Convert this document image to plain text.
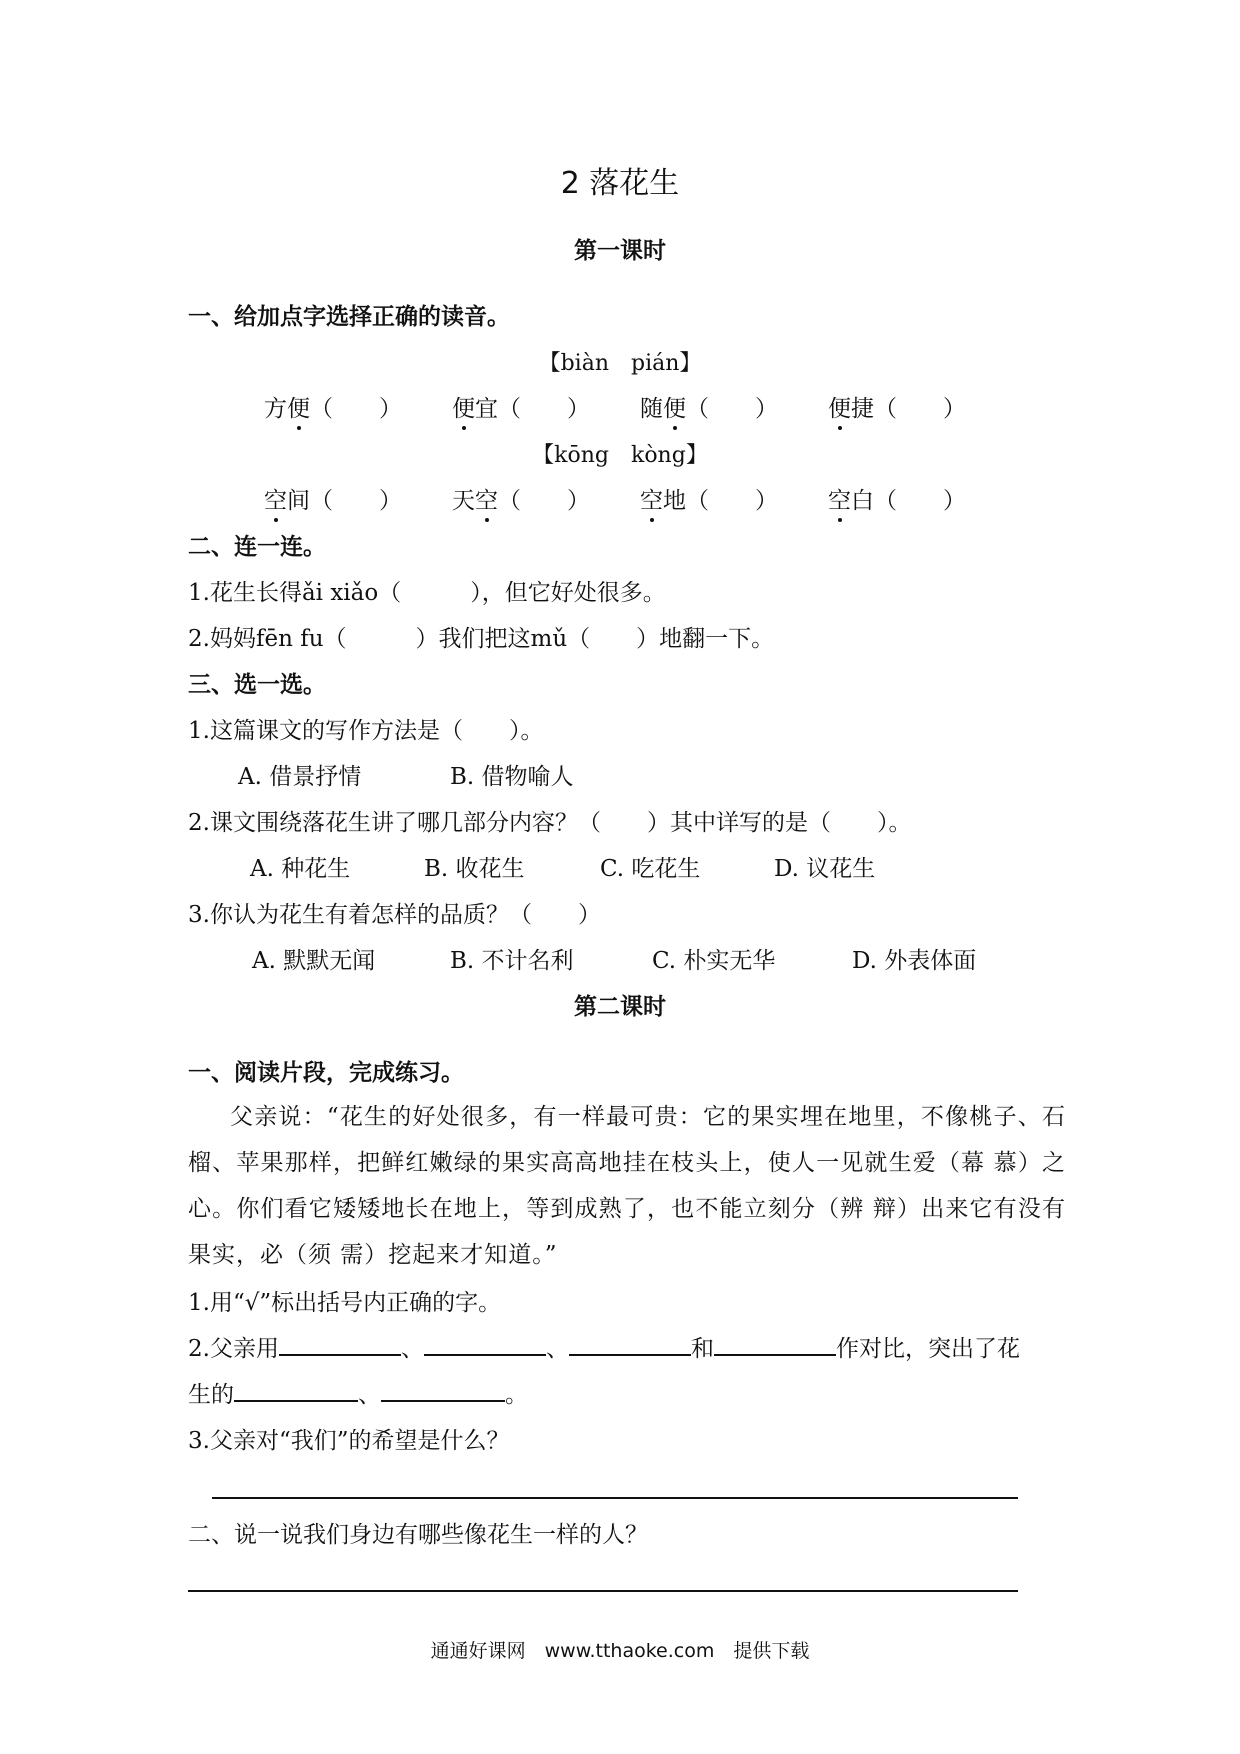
2 落花生
第一课时
一、给加点字选择正确的读音。
【biàn　pián】
方便（　　） 便宜（　　） 随便（　　） 便捷（　　）
【kōng　kòng】
空间（　　） 天空（　　） 空地（　　） 空白（　　）
二、连一连。
1.花生长得ǎi xiǎo（　　　），但它好处很多。
2.妈妈fēn fu（　　　）我们把这mǔ（　　）地翻一下。
三、选一选。
1.这篇课文的写作方法是（　　）。
A. 借景抒情	B. 借物喻人
2.课文围绕落花生讲了哪几部分内容？（　　）其中详写的是（　　）。
A. 种花生	B. 收花生	C. 吃花生	D. 议花生
3.你认为花生有着怎样的品质？（　　）
A. 默默无闻	B. 不计名利	C. 朴实无华	D. 外表体面
第二课时
一、阅读片段，完成练习。
父亲说：“花生的好处很多，有一样最可贵：它的果实埋在地里，不像桃子、石榴、苹果那样，把鲜红嫩绿的果实高高地挂在枝头上，使人一见就生爱（幕 慕）之心。你们看它矮矮地长在地上，等到成熟了，也不能立刻分（辨 辩）出来它有没有果实，必（须 需）挖起来才知道。”
1.用“√”标出括号内正确的字。
2.父亲用	、	、	和	作对比，突出了花
生的	、	。
3.父亲对“我们”的希望是什么？
二、说一说我们身边有哪些像花生一样的人？
通通好课网　www.tthaoke.com　提供下载
